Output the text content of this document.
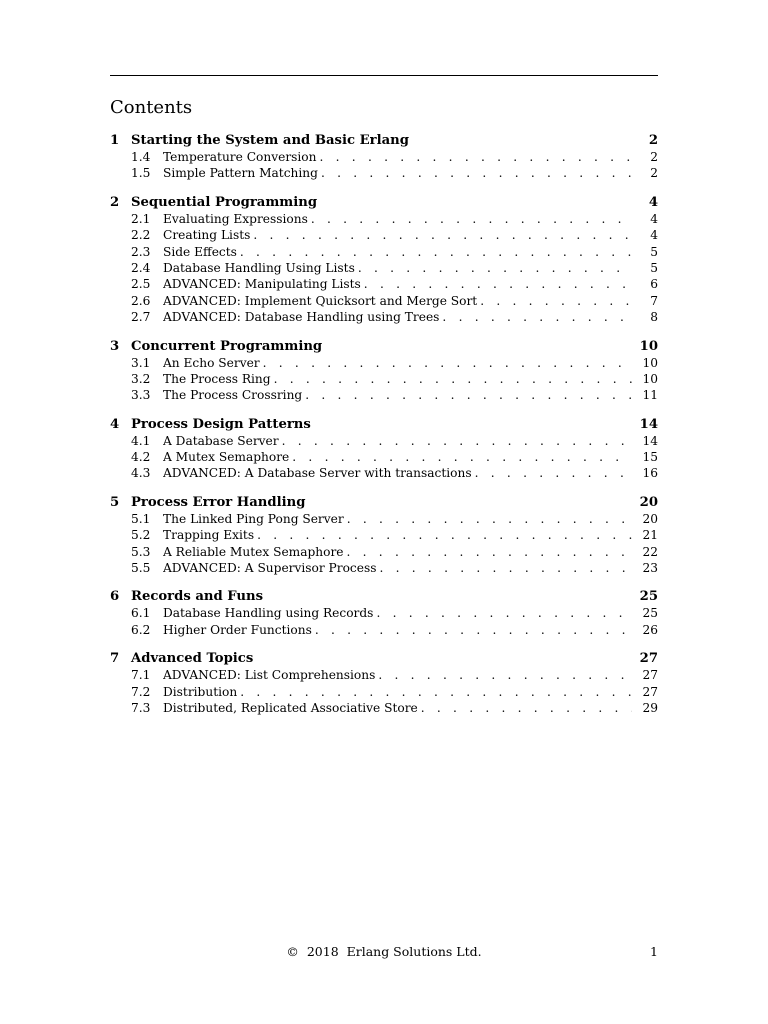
Contents
1 Starting the System and Basic Erlang	2
1.4 Temperature Conversion . . .	2
1.5 Simple Pattern Matching . . .	2
2 Sequential Programming	4
2.1 Evaluating Expressions . . .	4
2.2 Creating Lists . . .	4
2.3 Side Effects . . .	5
2.4 Database Handling Using Lists . . .	5
2.5 ADVANCED: Manipulating Lists . . .	6
2.6 ADVANCED: Implement Quicksort and Merge Sort . . .	7
2.7 ADVANCED: Database Handling using Trees . . .	8
3 Concurrent Programming	10
3.1 An Echo Server . . .	10
3.2 The Process Ring . . .	10
3.3 The Process Crossring . . .	11
4 Process Design Patterns	14
4.1 A Database Server . . .	14
4.2 A Mutex Semaphore . . .	15
4.3 ADVANCED: A Database Server with transactions . . .	16
5 Process Error Handling	20
5.1 The Linked Ping Pong Server . . .	20
5.2 Trapping Exits . . .	21
5.3 A Reliable Mutex Semaphore . . .	22
5.5 ADVANCED: A Supervisor Process . . .	23
6 Records and Funs	25
6.1 Database Handling using Records . . .	25
6.2 Higher Order Functions . . .	26
7 Advanced Topics	27
7.1 ADVANCED: List Comprehensions . . .	27
7.2 Distribution . . .	27
7.3 Distributed, Replicated Associative Store . . .	29
© 2018  Erlang Solutions Ltd.	1
